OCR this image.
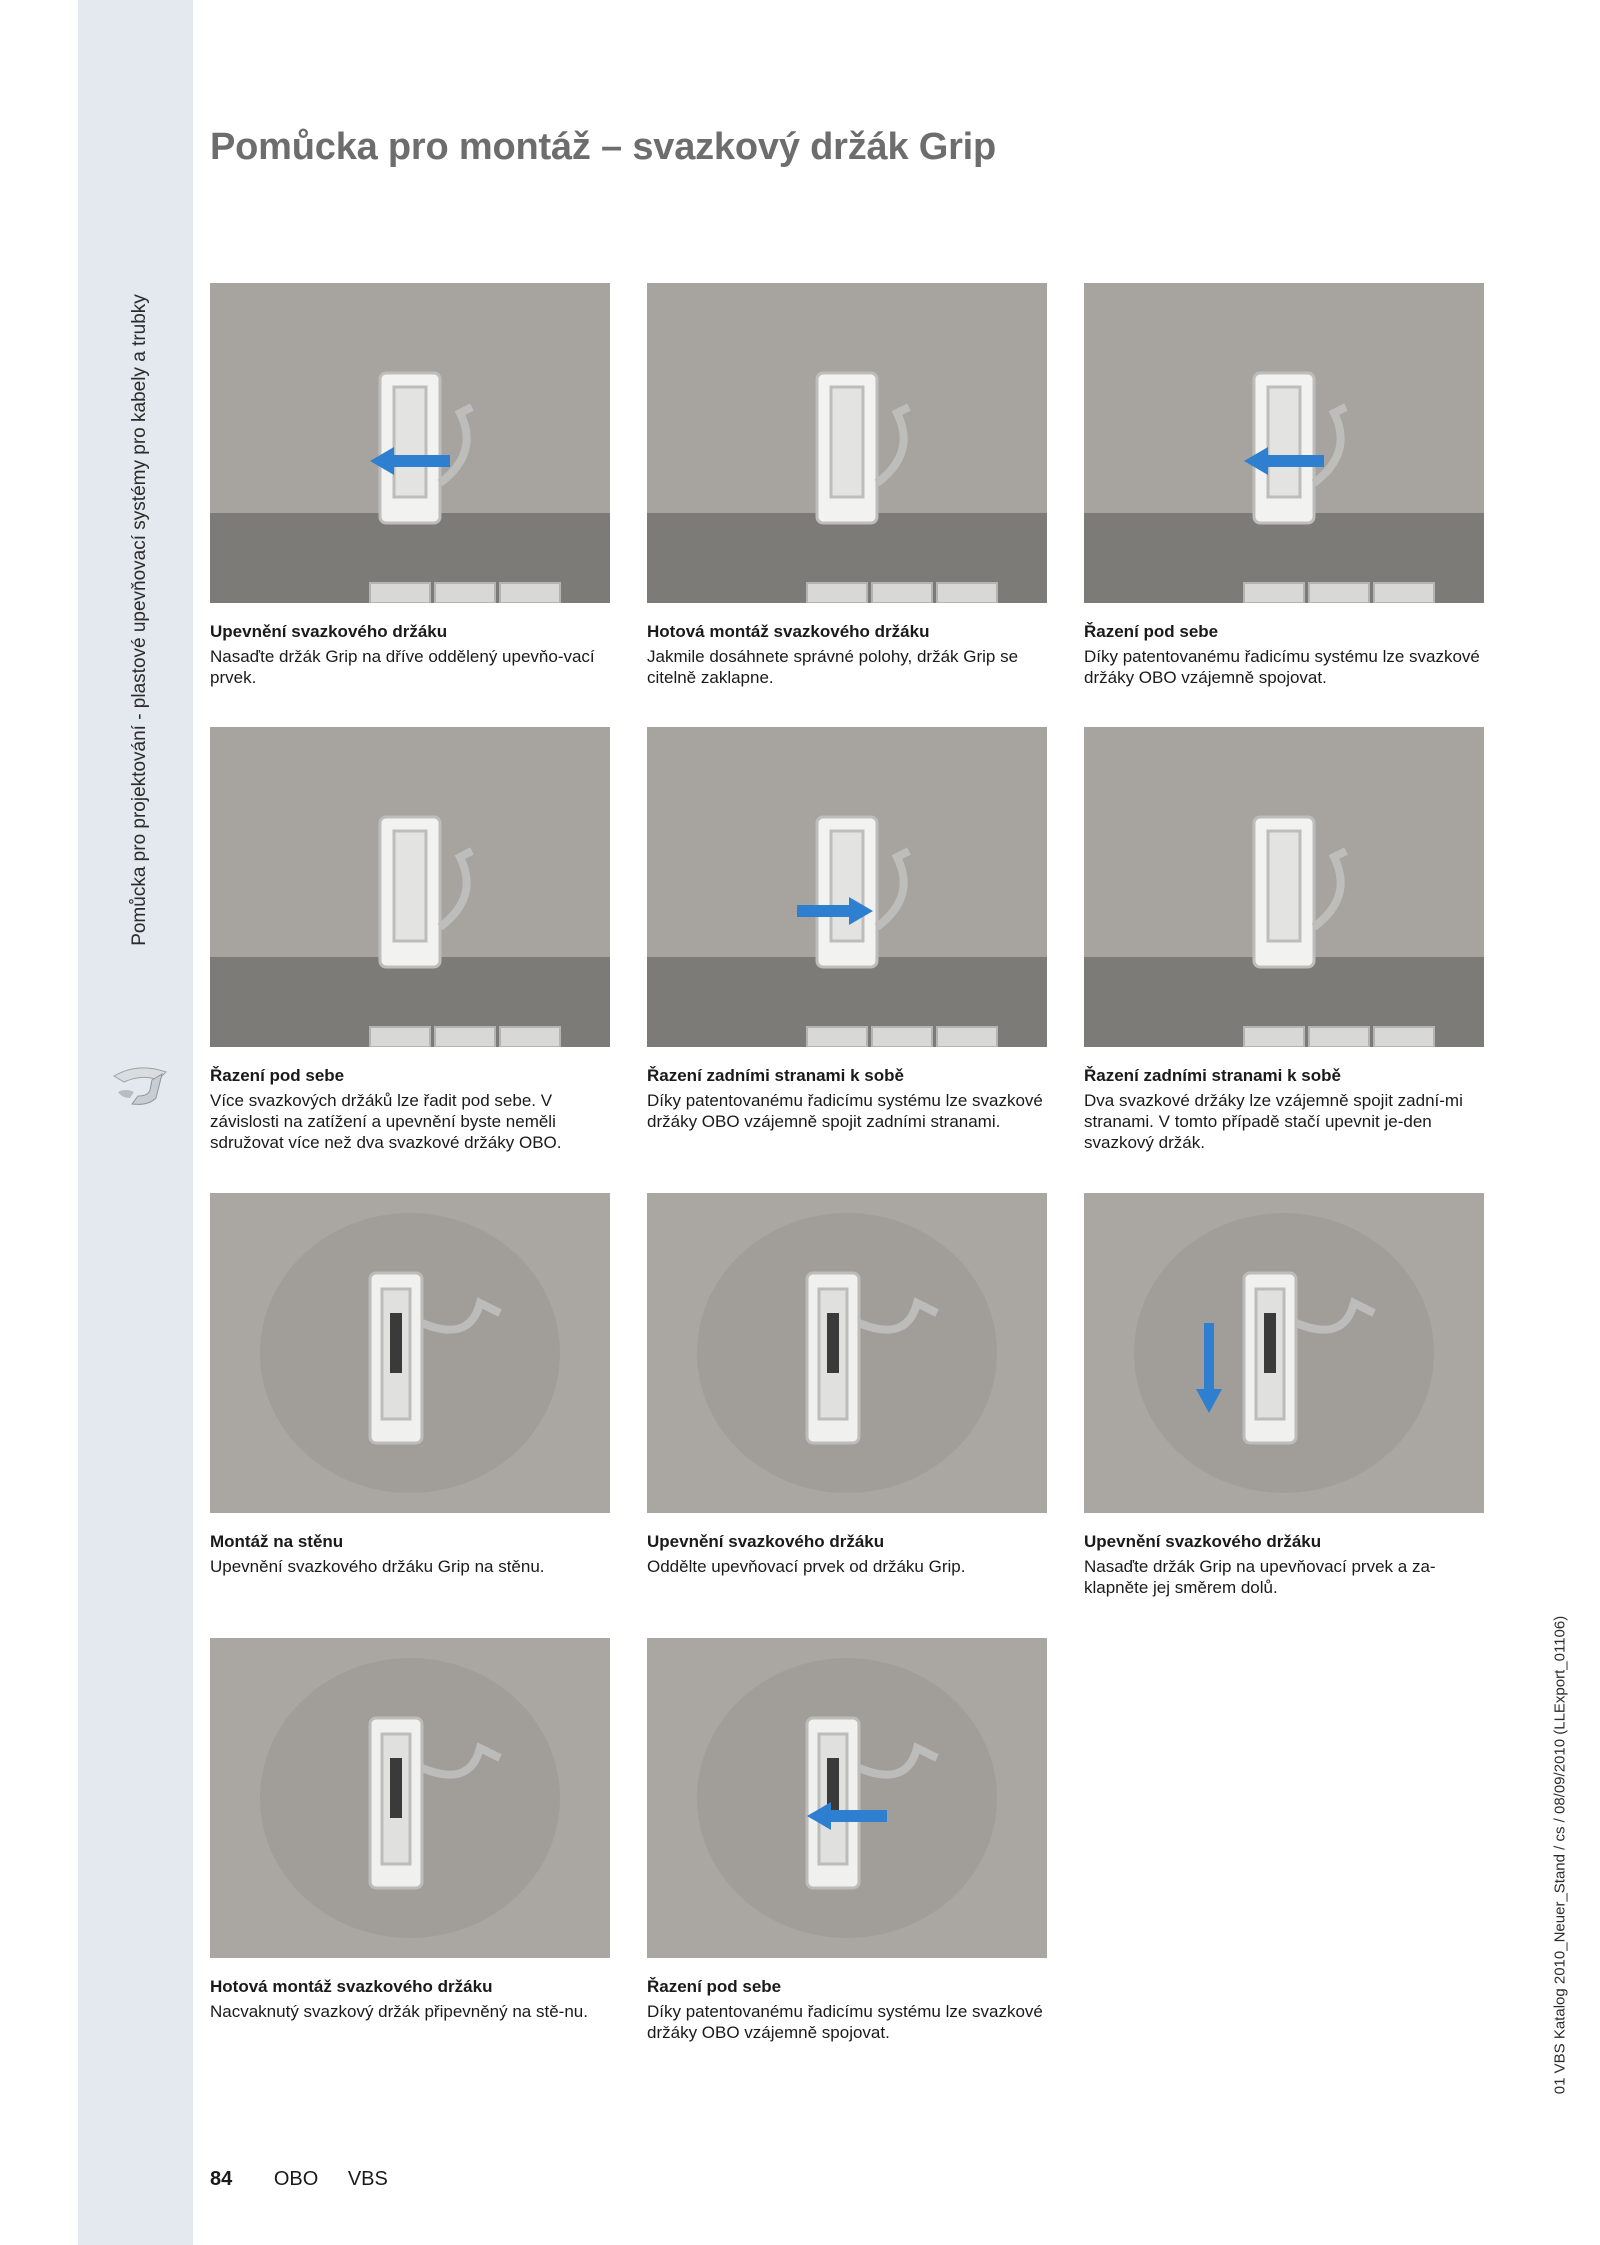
Pomůcka pro projektování - plastové upevňovací systémy pro kabely a trubky
Pomůcka pro montáž – svazkový držák Grip

Upevnění svazkového držáku

Nasaďte držák Grip na dříve oddělený upevňo-vací prvek.

Hotová montáž svazkového držáku

Jakmile dosáhnete správné polohy, držák Grip se citelně zaklapne.

Řazení pod sebe

Díky patentovanému řadicímu systému lze svazkové držáky OBO vzájemně spojovat.

Řazení pod sebe

Více svazkových držáků lze řadit pod sebe. V závislosti na zatížení a upevnění byste neměli sdružovat více než dva svazkové držáky OBO.

Řazení zadními stranami k sobě

Díky patentovanému řadicímu systému lze svazkové držáky OBO vzájemně spojit zadními stranami.

Řazení zadními stranami k sobě

Dva svazkové držáky lze vzájemně spojit zadní-mi stranami. V tomto případě stačí upevnit je-den svazkový držák.

Montáž na stěnu

Upevnění svazkového držáku Grip na stěnu.

Upevnění svazkového držáku

Oddělte upevňovací prvek od držáku Grip.

Upevnění svazkového držáku

Nasaďte držák Grip na upevňovací prvek a za-klapněte jej směrem dolů.

Hotová montáž svazkového držáku

Nacvaknutý svazkový držák připevněný na stě-nu.

Řazení pod sebe

Díky patentovanému řadicímu systému lze svazkové držáky OBO vzájemně spojovat.

84 OBO VBS
01 VBS Katalog 2010_Neuer_Stand / cs / 08/09/2010 (LLExport_01106)
